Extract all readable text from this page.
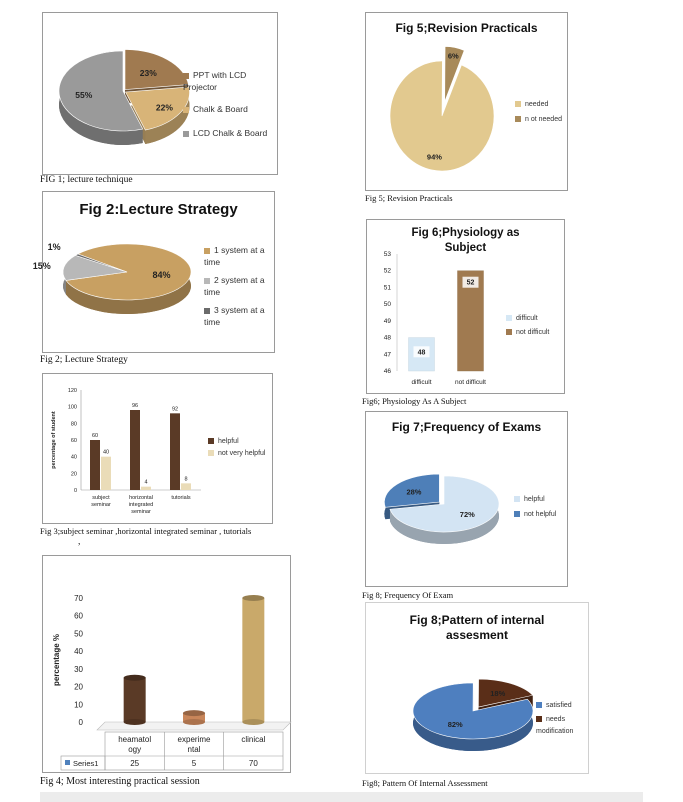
23%
22%
55%
PPT with LCD Projector
Chalk & Board
LCD Chalk & Board
FIG 1; lecture technique
Fig 2:Lecture Strategy
84%
15%
1%	1 system at a time
2 system at a time
3 system at a time
Fig 2; Lecture Strategy
0
20
40
60
80
100
120
percentage of student	60
40
subject
seminar
96
4
horizontal
integrated
seminar
92
8
tutorials
helpful
not very helpful
Fig 3;subject seminar ,horizontal integrated seminar , tutorials
,
0
10
20
30
40
50
60
70
percentage %
Series1
heamatol
ogy
25
experime
ntal
5
clinical
70
Fig 4; Most interesting practical session
Fig 5;Revision Practicals
94%
6%
needed
n ot needed
Fig 5; Revision Practicals
Fig 6;Physiology as
Subject
46
47
48
49
50
51
52
53
48
difficult
52
not difficult
difficult
not difficult
Fig6; Physiology As A Subject
Fig 7;Frequency of Exams
72%
28%
helpful
not helpful
Fig 8; Frequency Of Exam
Fig 8;Pattern of internal
assesment
82%
18%
satisfied
needs modification
Fig8; Pattern Of Internal Assessment
